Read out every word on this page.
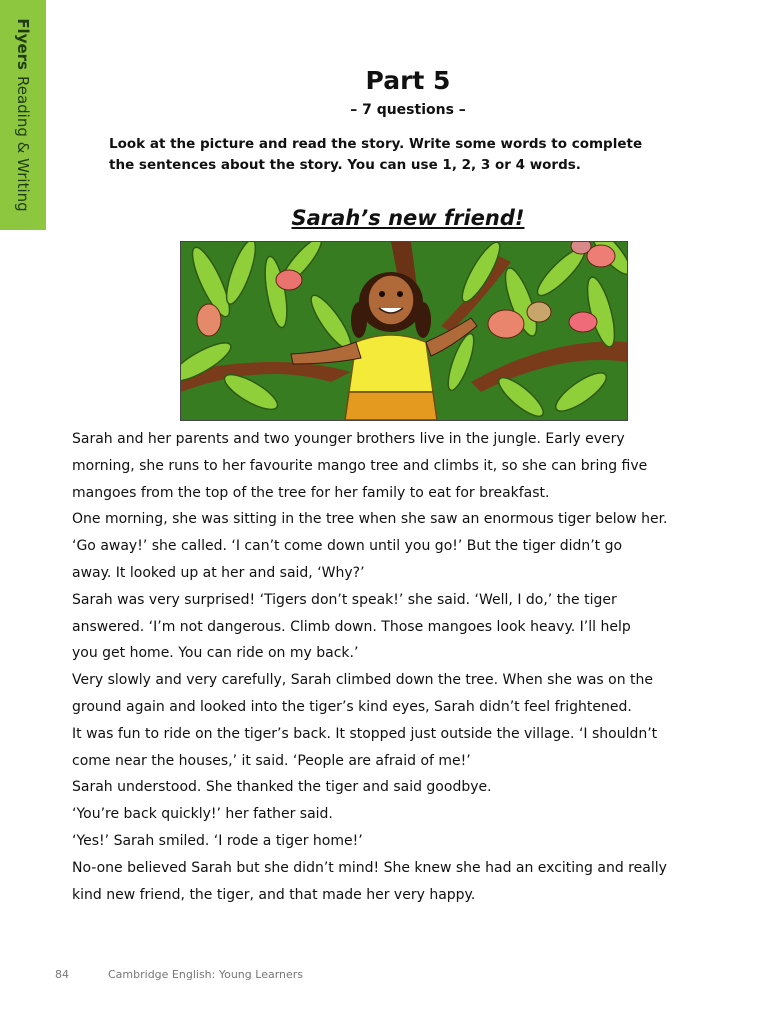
FlyersReading & Writing	Part 5
– 7 questions –
Look at the picture and read the story. Write some words to complete
the sentences about the story. You can use 1, 2, 3 or 4 words.
Sarah’s new friend!

Sarah and her parents and two younger brothers live in the jungle. Early every

morning, she runs to her favourite mango tree and climbs it, so she can bring five

mangoes from the top of the tree for her family to eat for breakfast.

One morning, she was sitting in the tree when she saw an enormous tiger below her.

‘Go away!’ she called. ‘I can’t come down until you go!’ But the tiger didn’t go

away. It looked up at her and said, ‘Why?’

Sarah was very surprised! ‘Tigers don’t speak!’ she said. ‘Well, I do,’ the tiger

answered. ‘I’m not dangerous. Climb down. Those mangoes look heavy. I’ll help

you get home. You can ride on my back.’

Very slowly and very carefully, Sarah climbed down the tree. When she was on the

ground again and looked into the tiger’s kind eyes, Sarah didn’t feel frightened.

It was fun to ride on the tiger’s back. It stopped just outside the village. ‘I shouldn’t

come near the houses,’ it said. ‘People are afraid of me!’

Sarah understood. She thanked the tiger and said goodbye.

‘You’re back quickly!’ her father said.

‘Yes!’ Sarah smiled. ‘I rode a tiger home!’

No-one believed Sarah but she didn’t mind! She knew she had an exciting and really

kind new friend, the tiger, and that made her very happy.

84	Cambridge English: Young Learners
